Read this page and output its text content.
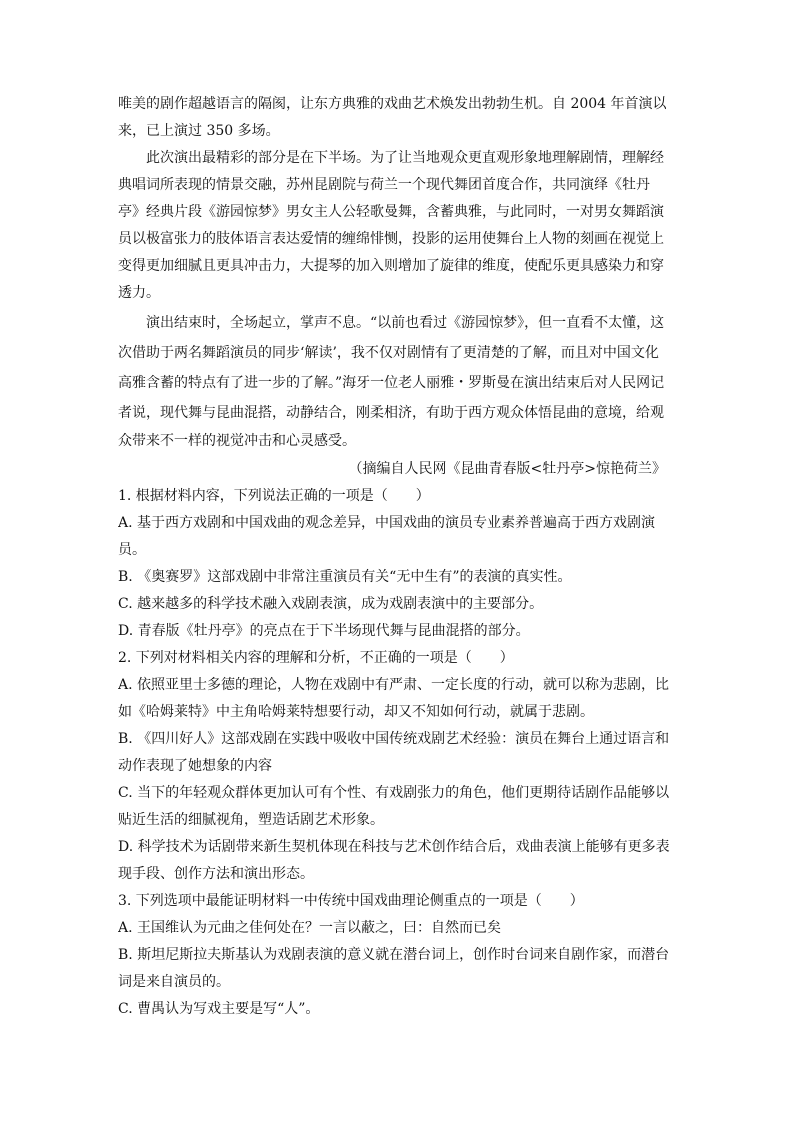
唯美的剧作超越语言的隔阂，让东方典雅的戏曲艺术焕发出勃勃生机。自 2004 年首演以
来，已上演过 350 多场。
　　此次演出最精彩的部分是在下半场。为了让当地观众更直观形象地理解剧情，理解经
典唱词所表现的情景交融，苏州昆剧院与荷兰一个现代舞团首度合作，共同演绎《牡丹
亭》经典片段《游园惊梦》男女主人公轻歌曼舞，含蓄典雅，与此同时，一对男女舞蹈演
员以极富张力的肢体语言表达爱情的缠绵悱恻，投影的运用使舞台上人物的刻画在视觉上
变得更加细腻且更具冲击力，大提琴的加入则增加了旋律的维度，使配乐更具感染力和穿
透力。
　　演出结束时，全场起立，掌声不息。“以前也看过《游园惊梦》，但一直看不太懂，这
次借助于两名舞蹈演员的同步‘解读’，我不仅对剧情有了更清楚的了解，而且对中国文化
高雅含蓄的特点有了进一步的了解。”海牙一位老人丽雅・罗斯曼在演出结束后对人民网记
者说，现代舞与昆曲混搭，动静结合，刚柔相济，有助于西方观众体悟昆曲的意境，给观
众带来不一样的视觉冲击和心灵感受。
（摘编自人民网《昆曲青春版<牡丹亭>惊艳荷兰》
1. 根据材料内容，下列说法正确的一项是（　　）
A. 基于西方戏剧和中国戏曲的观念差异，中国戏曲的演员专业素养普遍高于西方戏剧演
员。
B. 《奥赛罗》这部戏剧中非常注重演员有关“无中生有”的表演的真实性。
C. 越来越多的科学技术融入戏剧表演，成为戏剧表演中的主要部分。
D. 青春版《牡丹亭》的亮点在于下半场现代舞与昆曲混搭的部分。
2. 下列对材料相关内容的理解和分析，不正确的一项是（　　）
A. 依照亚里士多德的理论，人物在戏剧中有严肃、一定长度的行动，就可以称为悲剧，比
如《哈姆莱特》中主角哈姆莱特想要行动，却又不知如何行动，就属于悲剧。
B. 《四川好人》这部戏剧在实践中吸收中国传统戏剧艺术经验：演员在舞台上通过语言和
动作表现了她想象的内容
C. 当下的年轻观众群体更加认可有个性、有戏剧张力的角色，他们更期待话剧作品能够以
贴近生活的细腻视角，塑造话剧艺术形象。
D. 科学技术为话剧带来新生契机体现在科技与艺术创作结合后，戏曲表演上能够有更多表
现手段、创作方法和演出形态。
3. 下列选项中最能证明材料一中传统中国戏曲理论侧重点的一项是（　　）
A. 王国维认为元曲之佳何处在？一言以蔽之，曰：自然而已矣
B. 斯坦尼斯拉夫斯基认为戏剧表演的意义就在潜台词上，创作时台词来自剧作家，而潜台
词是来自演员的。
C. 曹禺认为写戏主要是写“人”。
